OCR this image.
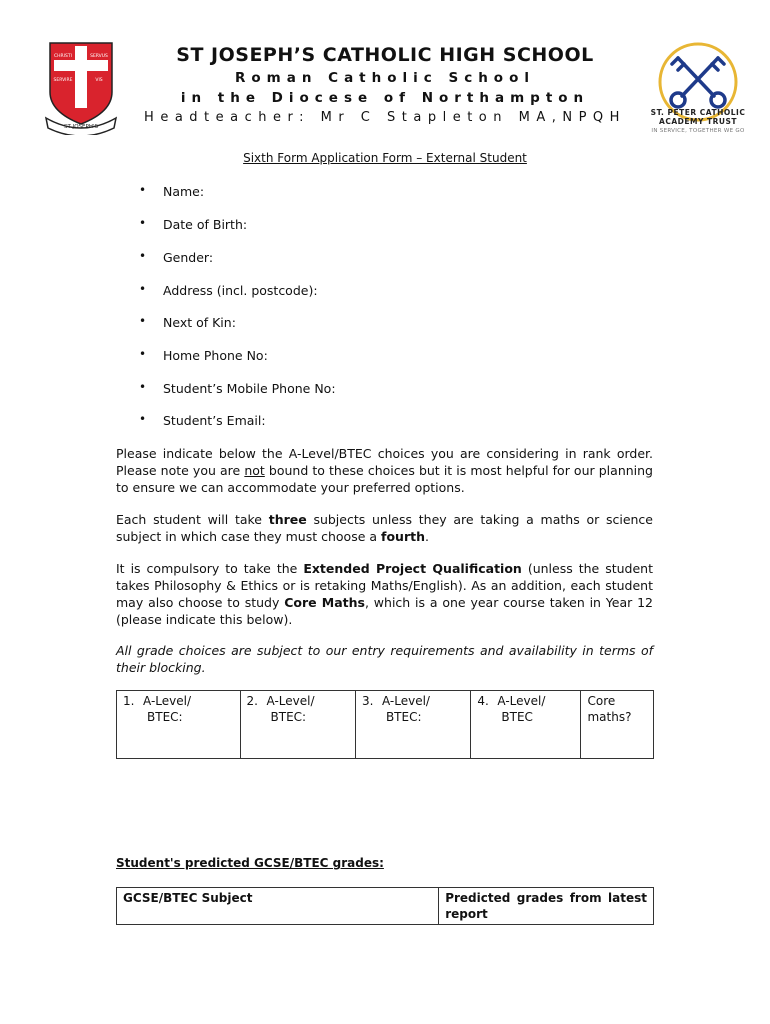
CHRISTI	SERVUS
SERVIRE	VIS
ST JOSEPH'S
ST. PETER CATHOLIC
ACADEMY TRUST
IN SERVICE, TOGETHER WE GO
ST JOSEPH’S CATHOLIC HIGH SCHOOL
Roman Catholic School
in the Diocese of Northampton
Headteacher: Mr C Stapleton MA,NPQH
Sixth Form Application Form – External Student
• Name:
• Date of Birth:
• Gender:
• Address (incl. postcode):
• Next of Kin:
• Home Phone No:
• Student’s Mobile Phone No:
• Student’s Email:
Please indicate below the A-Level/BTEC choices you are considering in rank order. Please note you are not bound to these choices but it is most helpful for our planning to ensure we can accommodate your preferred options.
Each student will take three subjects unless they are taking a maths or science subject in which case they must choose a fourth.
It is compulsory to take the Extended Project Qualification (unless the student takes Philosophy & Ethics or is retaking Maths/English). As an addition, each student may also choose to study Core Maths, which is a one year course taken in Year 12 (please indicate this below).
All grade choices are subject to our entry requirements and availability in terms of their blocking.
1. A-Level/
BTEC:
	2. A-Level/
BTEC:
	3. A-Level/
BTEC:
	4. A-Level/
BTEC
	Core
maths?
Student's predicted GCSE/BTEC grades:
GCSE/BTEC Subject	Predicted grades from latest report
